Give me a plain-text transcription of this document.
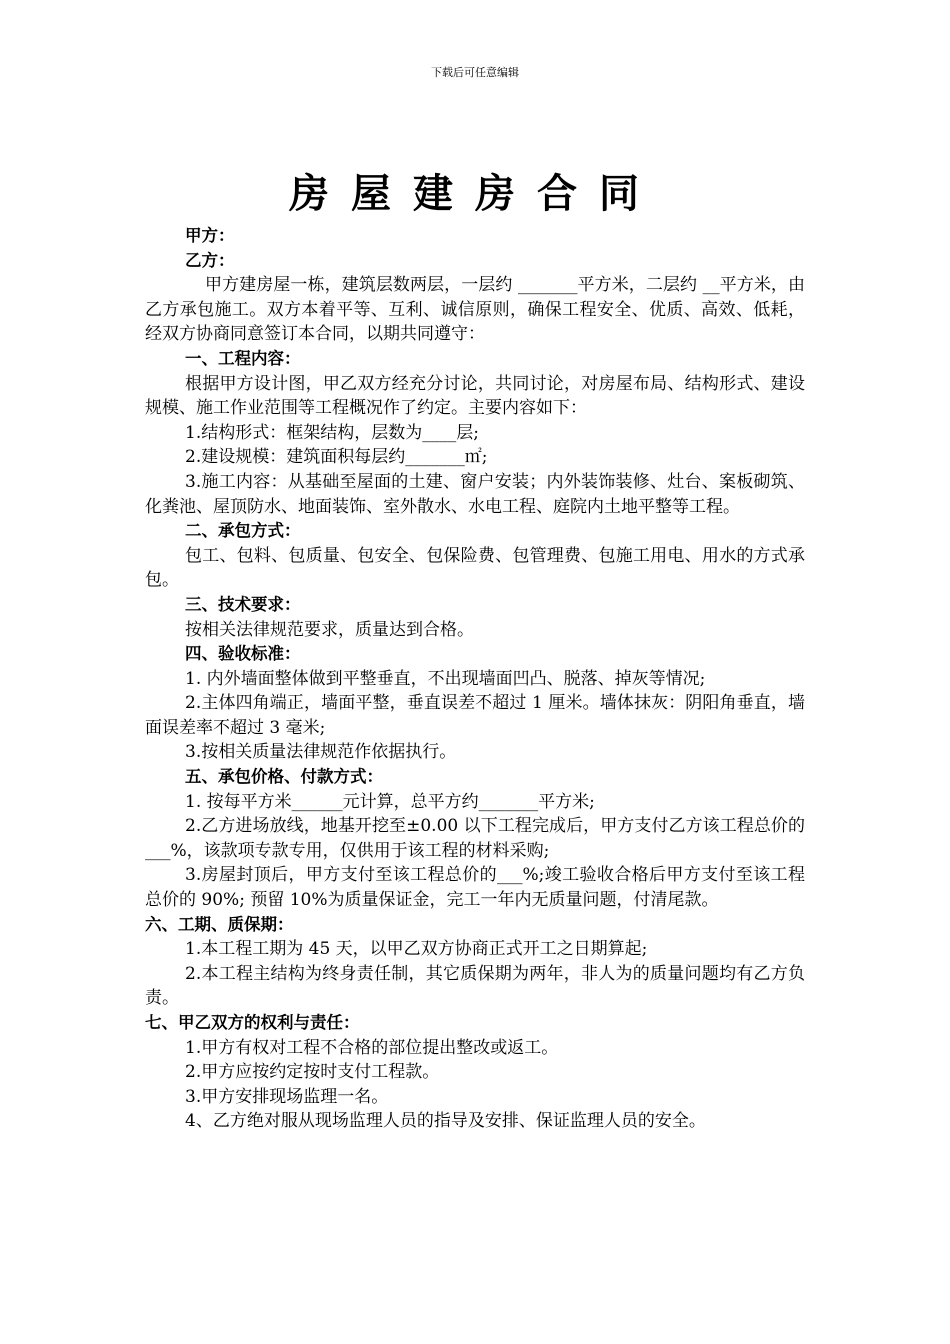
下载后可任意编辑
房屋建房合同

甲方：

乙方：

甲方建房屋一栋，建筑层数两层，一层约 _______平方米，二层约 __平方米，由乙方承包施工。双方本着平等、互利、诚信原则，确保工程安全、优质、高效、低耗，经双方协商同意签订本合同，以期共同遵守：

一、工程内容：

根据甲方设计图，甲乙双方经充分讨论，共同讨论，对房屋布局、结构形式、建设规模、施工作业范围等工程概况作了约定。主要内容如下：

1.结构形式：框架结构，层数为____层;

2.建设规模：建筑面积每层约_______㎡;

3.施工内容：从基础至屋面的土建、窗户安装；内外装饰装修、灶台、案板砌筑、化粪池、屋顶防水、地面装饰、室外散水、水电工程、庭院内土地平整等工程。

二、承包方式：

包工、包料、包质量、包安全、包保险费、包管理费、包施工用电、用水的方式承包。

三、技术要求：

按相关法律规范要求，质量达到合格。

四、验收标准：

1. 内外墙面整体做到平整垂直，不出现墙面凹凸、脱落、掉灰等情况;

2.主体四角端正，墙面平整，垂直误差不超过 1 厘米。墙体抹灰：阴阳角垂直，墙面误差率不超过 3 毫米;

3.按相关质量法律规范作依据执行。

五、承包价格、付款方式：

1. 按每平方米______元计算，总平方约_______平方米;

2.乙方进场放线，地基开挖至±0.00 以下工程完成后，甲方支付乙方该工程总价的___%，该款项专款专用，仅供用于该工程的材料采购;

3.房屋封顶后，甲方支付至该工程总价的___%;竣工验收合格后甲方支付至该工程总价的 90%; 预留 10%为质量保证金，完工一年内无质量问题，付清尾款。

六、工期、质保期：

1.本工程工期为 45 天，以甲乙双方协商正式开工之日期算起;

2.本工程主结构为终身责任制，其它质保期为两年，非人为的质量问题均有乙方负责。

七、甲乙双方的权利与责任：

1.甲方有权对工程不合格的部位提出整改或返工。

2.甲方应按约定按时支付工程款。

3.甲方安排现场监理一名。

4、乙方绝对服从现场监理人员的指导及安排、保证监理人员的安全。
